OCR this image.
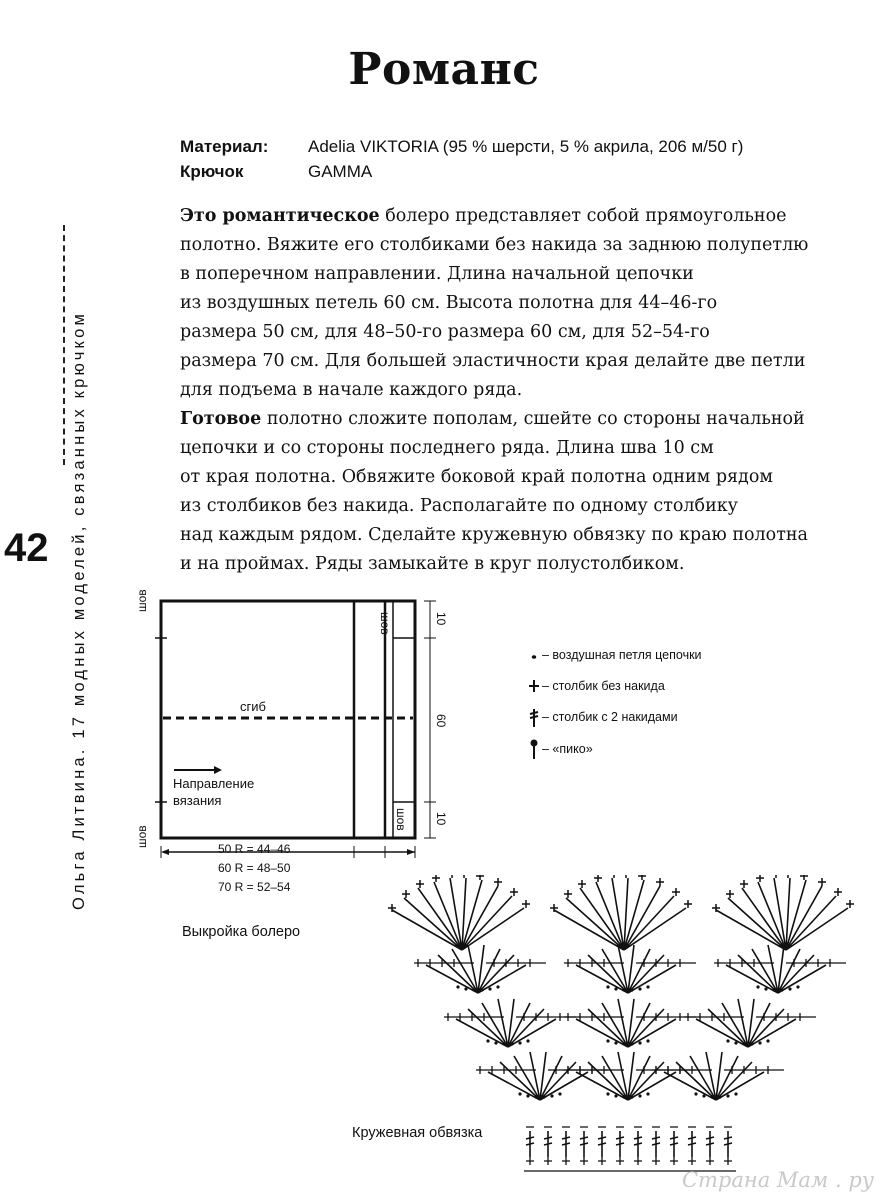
Романс
Материал: Adelia VIKTORIA (95 % шерсти, 5 % акрила, 206 м/50 г)
Крючок	GAMMA
Это романтическое болеро представляет собой прямоугольное
полотно. Вяжите его столбиками без накида за заднюю полупетлю
в поперечном направлении. Длина начальной цепочки
из воздушных петель 60 см. Высота полотна для 44–46-го
размера 50 см, для 48–50-го размера 60 см, для 52–54-го
размера 70 см. Для большей эластичности края делайте две петли
для подъема в начале каждого ряда.
Готовое полотно сложите пополам, сшейте со стороны начальной
цепочки и со стороны последнего ряда. Длина шва 10 см
от края полотна. Обвяжите боковой край полотна одним рядом
из столбиков без накида. Располагайте по одному столбику
над каждым рядом. Сделайте кружевную обвязку по краю полотна
и на проймах. Ряды замыкайте в круг полустолбиком.
42 Ольга Литвина. 17 модных моделей, связанных крючком	шов
шов
шов
шов
10
60
10
сгиб
Направление вязания
50 R = 44–46
60 R = 48–50
70 R = 52–54
Выкройка болеро
– воздушная петля цепочки
– столбик без накида
– столбик с 2 накидами
– «пико»
Кружевная обвязка
Страна Мам . ру
